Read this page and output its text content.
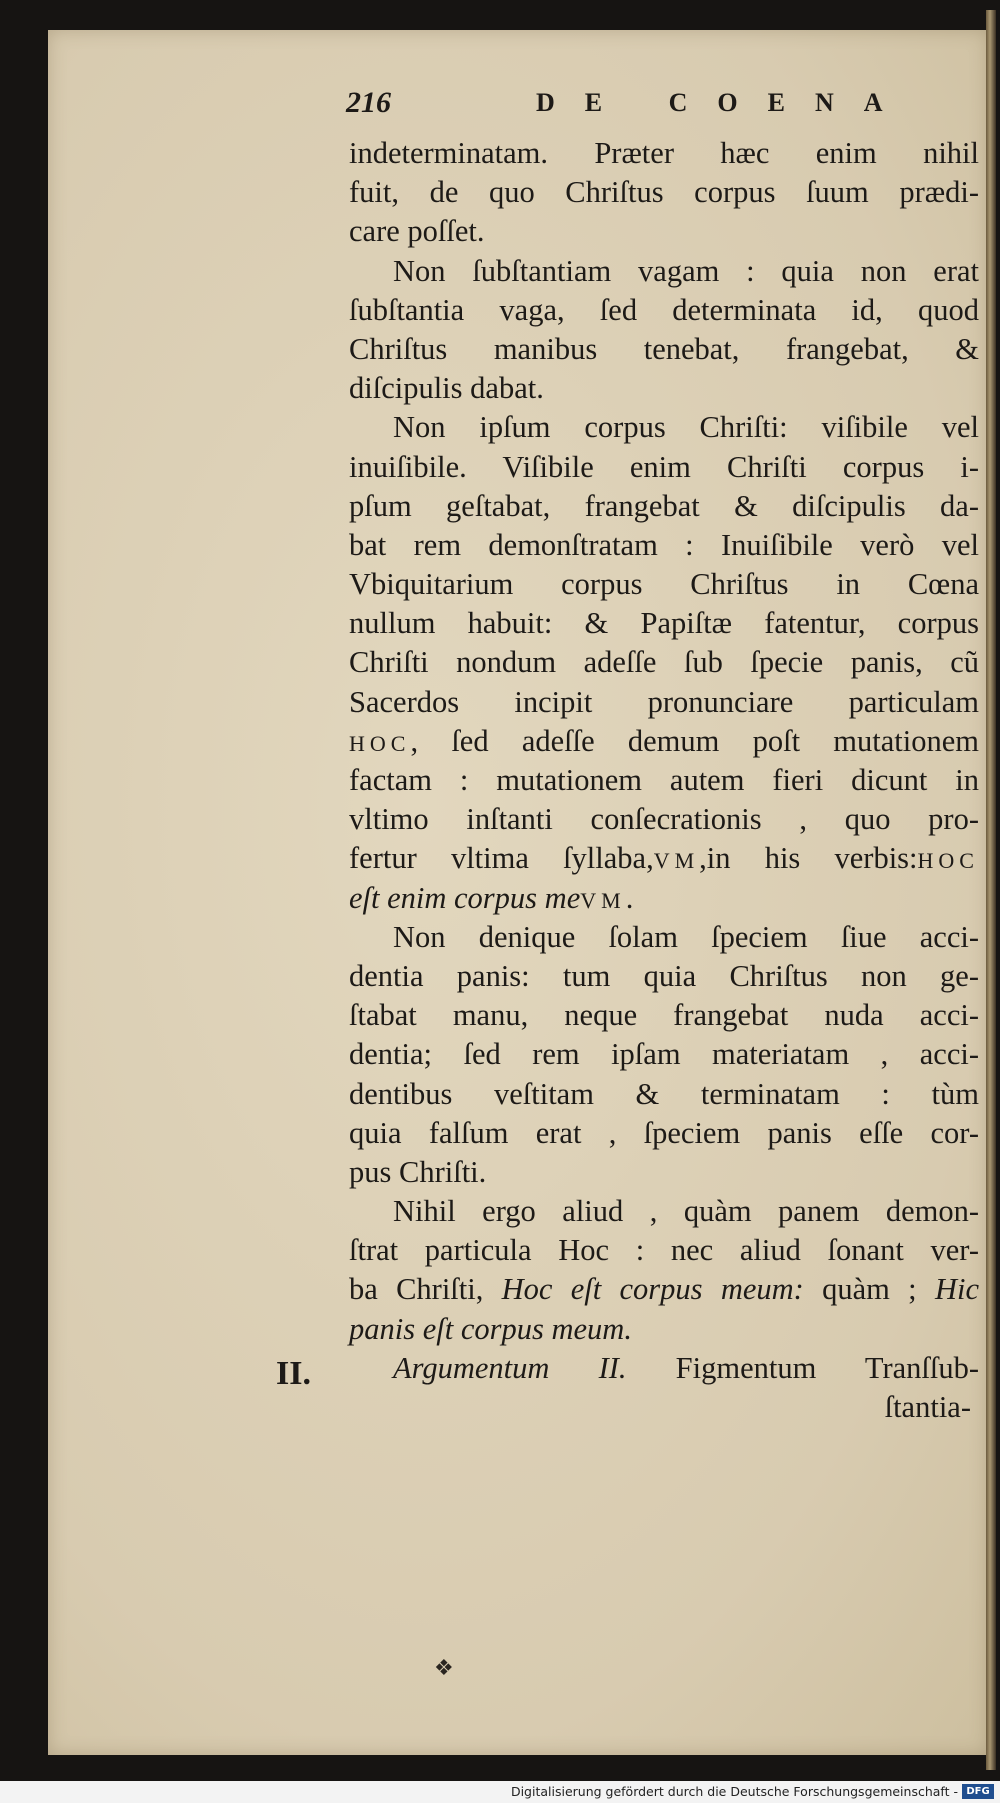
216	DE COENA
indeterminatam. Præter hæc enim nihil
fuit, de quo Chriſtus corpus ſuum prædi-
care poſſet.
Non ſubſtantiam vagam : quia non erat
ſubſtantia vaga, ſed determinata id, quod
Chriſtus manibus tenebat, frangebat, &
diſcipulis dabat.
Non ipſum corpus Chriſti: viſibile vel
inuiſibile. Viſibile enim Chriſti corpus i-
pſum geſtabat, frangebat & diſcipulis da-
bat rem demonſtratam : Inuiſibile verò vel
Vbiquitarium corpus Chriſtus in Cœna
nullum habuit: & Papiſtæ fatentur, corpus
Chriſti nondum adeſſe ſub ſpecie panis, cũ
Sacerdos incipit pronunciare particulam
HOC, ſed adeſſe demum poſt mutationem
factam : mutationem autem fieri dicunt in
vltimo inſtanti conſecrationis , quo pro-
fertur vltima ſyllaba,VM,in his verbis:HOC
eſt enim corpus meVM.
Non denique ſolam ſpeciem ſiue acci-
dentia panis: tum quia Chriſtus non ge-
ſtabat manu, neque frangebat nuda acci-
dentia; ſed rem ipſam materiatam , acci-
dentibus veſtitam & terminatam : tùm
quia falſum erat , ſpeciem panis eſſe cor-
pus Chriſti.
Nihil ergo aliud , quàm panem demon-
ſtrat particula Hoc : nec aliud ſonant ver-
ba Chriſti, Hoc eſt corpus meum: quàm ; Hic
panis eſt corpus meum.
Argumentum II. Figmentum Tranſſub-
ſtantia-
II.
❖
Digitalisierung gefördert durch die Deutsche Forschungsgemeinschaft - DFG
